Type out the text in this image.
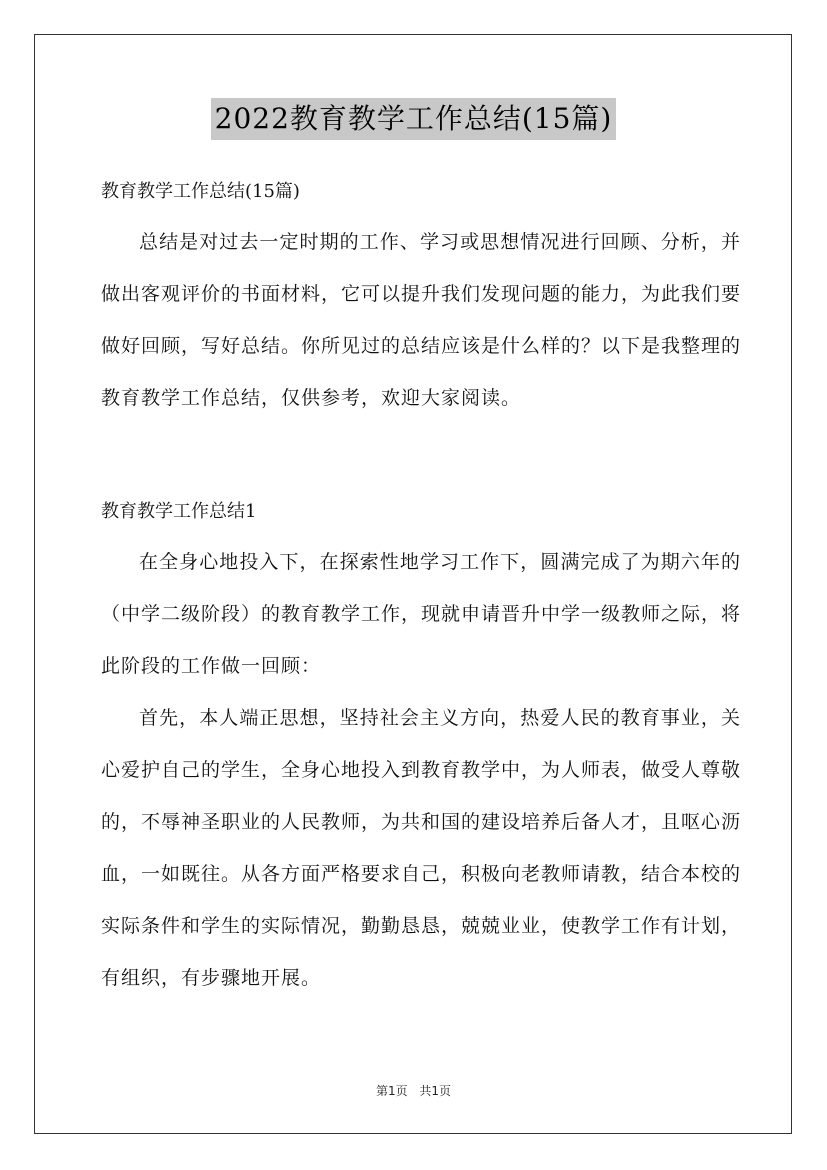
2022教育教学工作总结(15篇)
教育教学工作总结(15篇)

总结是对过去一定时期的工作、学习或思想情况进行回顾、分析，并做出客观评价的书面材料，它可以提升我们发现问题的能力，为此我们要做好回顾，写好总结。你所见过的总结应该是什么样的？以下是我整理的教育教学工作总结，仅供参考，欢迎大家阅读。

教育教学工作总结1

在全身心地投入下，在探索性地学习工作下，圆满完成了为期六年的（中学二级阶段）的教育教学工作，现就申请晋升中学一级教师之际，将此阶段的工作做一回顾：

首先，本人端正思想，坚持社会主义方向，热爱人民的教育事业，关心爱护自己的学生，全身心地投入到教育教学中，为人师表，做受人尊敬的，不辱神圣职业的人民教师，为共和国的建设培养后备人才，且呕心沥血，一如既往。从各方面严格要求自己，积极向老教师请教，结合本校的实际条件和学生的实际情况，勤勤恳恳，兢兢业业，使教学工作有计划，有组织，有步骤地开展。

第1页 共1页
